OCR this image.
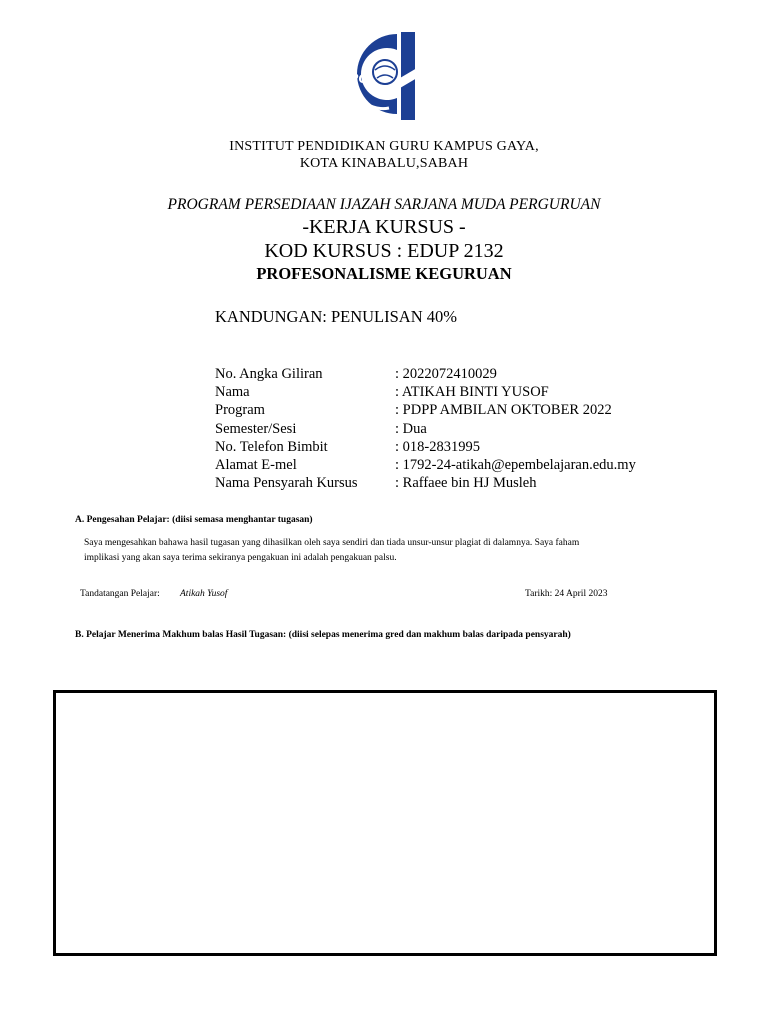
iPG
INSTITUT PENDIDIKAN GURU KAMPUS GAYA,
KOTA KINABALU,SABAH
PROGRAM PERSEDIAAN IJAZAH SARJANA MUDA PERGURUAN
-KERJA KURSUS -
KOD KURSUS : EDUP 2132
PROFESONALISME KEGURUAN
KANDUNGAN: PENULISAN 40%
No. Angka Giliran	: 2022072410029
Nama	: ATIKAH BINTI YUSOF
Program	: PDPP AMBILAN OKTOBER 2022
Semester/Sesi	: Dua
No. Telefon Bimbit	: 018-2831995
Alamat E-mel	: 1792-24-atikah@epembelajaran.edu.my
Nama Pensyarah Kursus	: Raffaee bin HJ Musleh
A. Pengesahan Pelajar: (diisi semasa menghantar tugasan)
Saya mengesahkan bahawa hasil tugasan yang dihasilkan oleh saya sendiri dan tiada unsur-unsur plagiat di dalamnya. Saya faham
implikasi yang akan saya terima sekiranya pengakuan ini adalah pengakuan palsu.
Tandatangan Pelajar: Atikah Yusof	Tarikh: 24 April 2023
B. Pelajar Menerima Makhum balas Hasil Tugasan: (diisi selepas menerima gred dan makhum balas daripada pensyarah)
